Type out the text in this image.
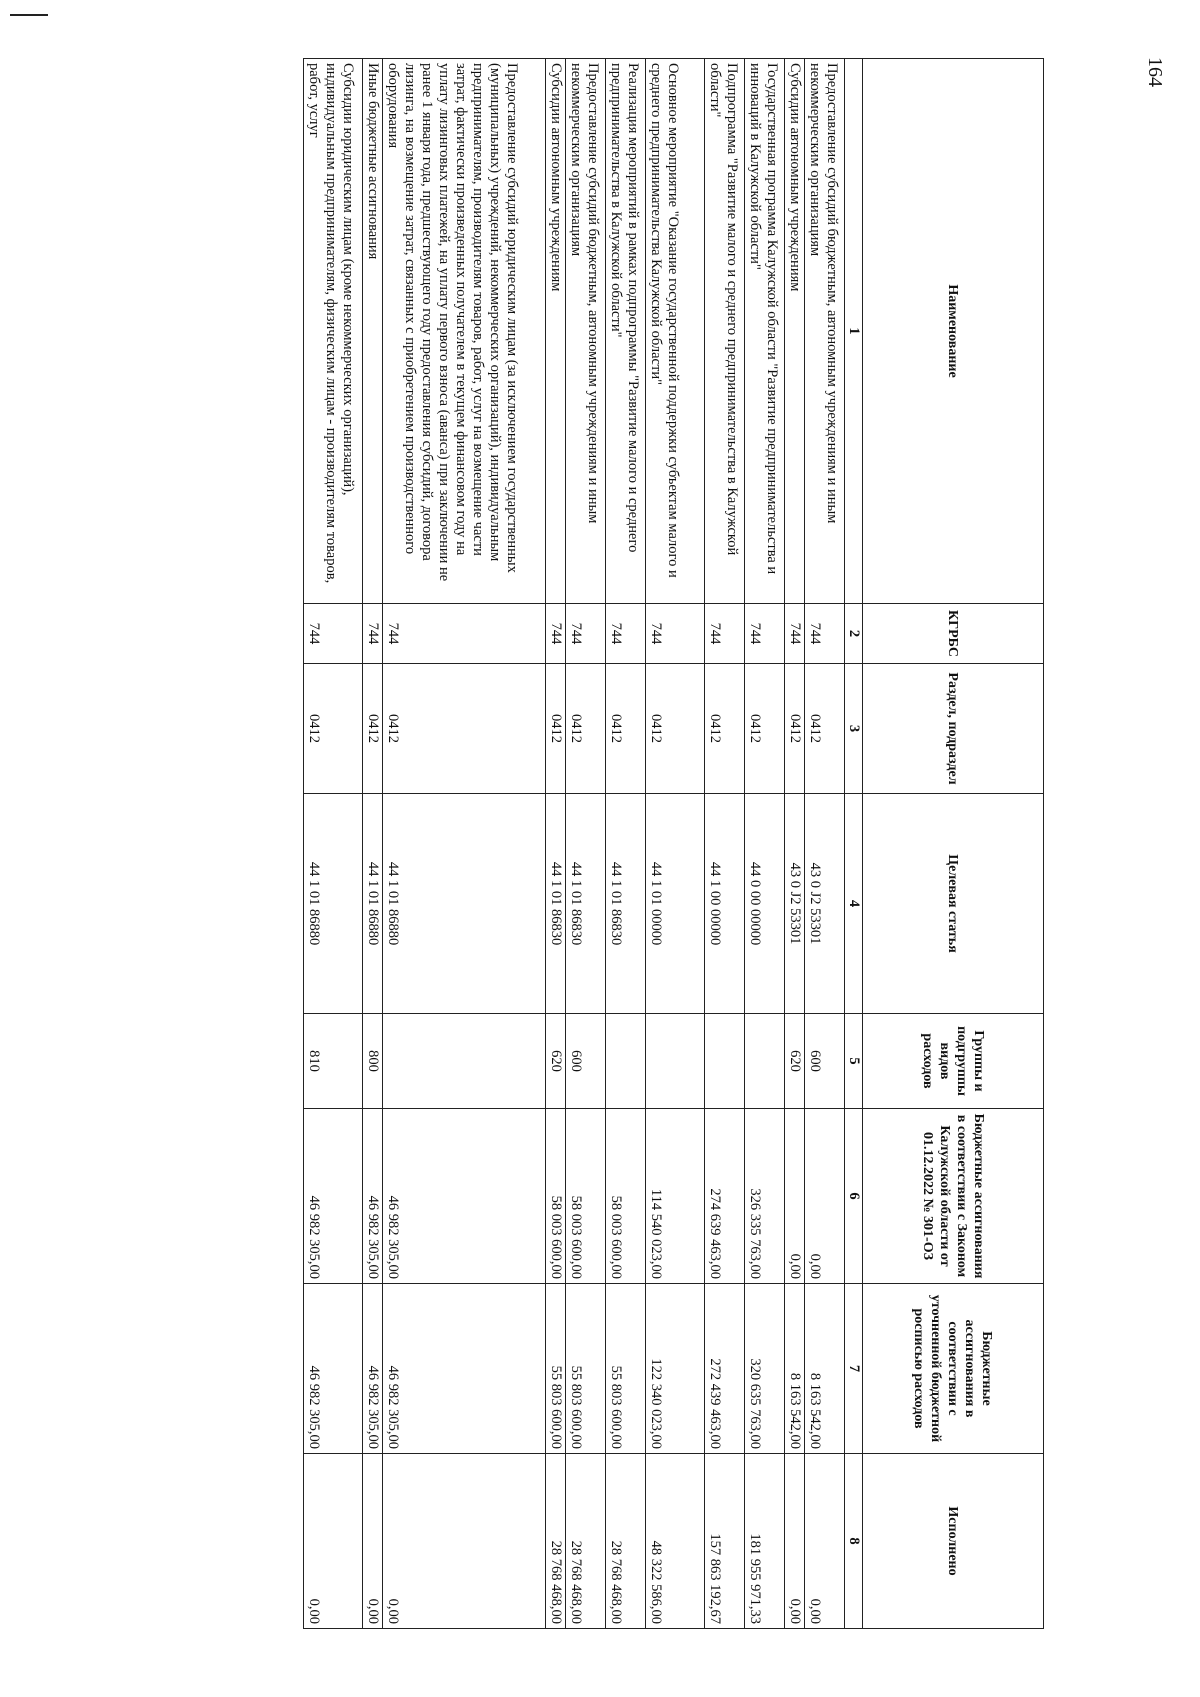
164
Наименование	КГРБС	Раздел, подраздел	Целевая статья	Группы и подгруппы видов расходов	Бюджетные ассигнования в соответствии с Законом Калужской области от 01.12.2022 № 301-ОЗ	Бюджетные ассигнования в соответствии с уточненной бюджетной росписью расходов	Исполнено
1	2	3	4	5	6	7	8
Предоставление субсидий бюджетным, автономным учреждениям и иным некоммерческим организациям	744	0412	43 0 J2 53301	600	0,00	8 163 542,00	0,00
Субсидии автономным учреждениям	744	0412	43 0 J2 53301	620	0,00	8 163 542,00	0,00
Государственная программа Калужской области "Развитие предпринимательства и инноваций в Калужской области"	744	0412	44 0 00 00000		326 335 763,00	320 635 763,00	181 955 971,33
Подпрограмма "Развитие малого и среднего предпринимательства в Калужской области"	744	0412	44 1 00 00000		274 639 463,00	272 439 463,00	157 863 192,67
Основное мероприятие "Оказание государственной поддержки субъектам малого и среднего предпринимательства Калужской области"	744	0412	44 1 01 00000		114 540 023,00	122 340 023,00	48 322 586,00
Реализация мероприятий в рамках подпрограммы "Развитие малого и среднего предпринимательства в Калужской области"	744	0412	44 1 01 86830		58 003 600,00	55 803 600,00	28 768 468,00
Предоставление субсидий бюджетным, автономным учреждениям и иным некоммерческим организациям	744	0412	44 1 01 86830	600	58 003 600,00	55 803 600,00	28 768 468,00
Субсидии автономным учреждениям	744	0412	44 1 01 86830	620	58 003 600,00	55 803 600,00	28 768 468,00
Предоставление субсидий юридическим лицам (за исключением государственных (муниципальных) учреждений, некоммерческих организаций), индивидуальным предпринимателям, производителям товаров, работ, услуг на возмещение части затрат, фактически произведенных получателем в текущем финансовом году на уплату лизинговых платежей, на уплату первого взноса (аванса) при заключении не ранее 1 января года, предшествующего году предоставления субсидий, договора лизинга, на возмещение затрат, связанных с приобретением производственного оборудования	744	0412	44 1 01 86880		46 982 305,00	46 982 305,00	0,00
Иные бюджетные ассигнования	744	0412	44 1 01 86880	800	46 982 305,00	46 982 305,00	0,00
Субсидии юридическим лицам (кроме некоммерческих организаций), индивидуальным предпринимателям, физическим лицам - производителям товаров, работ, услуг	744	0412	44 1 01 86880	810	46 982 305,00	46 982 305,00	0,00
